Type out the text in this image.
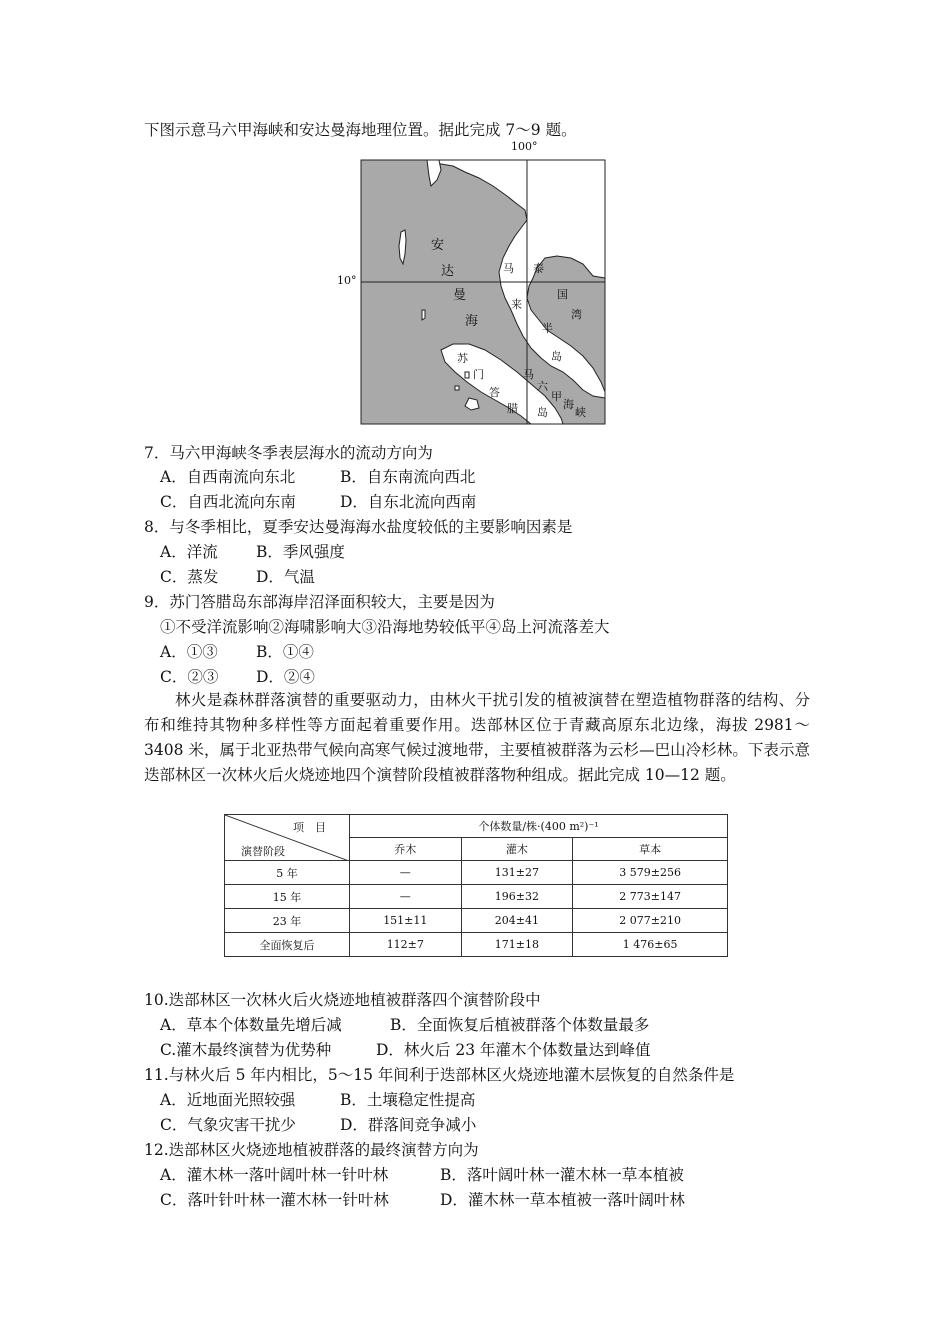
下图示意马六甲海峡和安达曼海地理位置。据此完成 7～9 题。
100°
10°
安
达
曼
海
马
来
半
岛
泰
国
湾
苏
门
答
腊
马
六
甲
海
峡
岛
7．马六甲海峡冬季表层海水的流动方向为
A．自西南流向东北	B．自东南流向西北
C．自西北流向东南	D．自东北流向西南
8．与冬季相比，夏季安达曼海海水盐度较低的主要影响因素是
A．洋流 B．季风强度
C．蒸发 D．气温
9．苏门答腊岛东部海岸沼泽面积较大，主要是因为
①不受洋流影响②海啸影响大③沿海地势较低平④岛上河流落差大
A．①③ B．①④
C．②③ D．②④
林火是森林群落演替的重要驱动力，由林火干扰引发的植被演替在塑造植物群落的结构、分布和维持其物种多样性等方面起着重要作用。迭部林区位于青藏高原东北边缘，海拔 2981～3408 米，属于北亚热带气候向高寒气候过渡地带，主要植被群落为云杉—巴山冷杉林。下表示意迭部林区一次林火后火烧迹地四个演替阶段植被群落物种组成。据此完成 10—12 题。
项　目
演替阶段	个体数量/株·(400 m²)⁻¹		
	乔木	灌木	草本
5 年	—	131±27	3 579±256
15 年	—	196±32	2 773±147
23 年	151±11	204±41	2 077±210
全面恢复后	112±7	171±18	1 476±65
10.迭部林区一次林火后火烧迹地植被群落四个演替阶段中
A．草本个体数量先增后减	B．全面恢复后植被群落个体数量最多
C.灌木最终演替为优势种	D．林火后 23 年灌木个体数量达到峰值
11.与林火后 5 年内相比，5～15 年间利于迭部林区火烧迹地灌木层恢复的自然条件是
A．近地面光照较强	B．土壤稳定性提高
C．气象灾害干扰少	D．群落间竞争减小
12.迭部林区火烧迹地植被群落的最终演替方向为
A．灌木林一落叶阔叶林一针叶林	B．落叶阔叶林一灌木林一草本植被
C．落叶针叶林一灌木林一针叶林	D．灌木林一草本植被一落叶阔叶林
